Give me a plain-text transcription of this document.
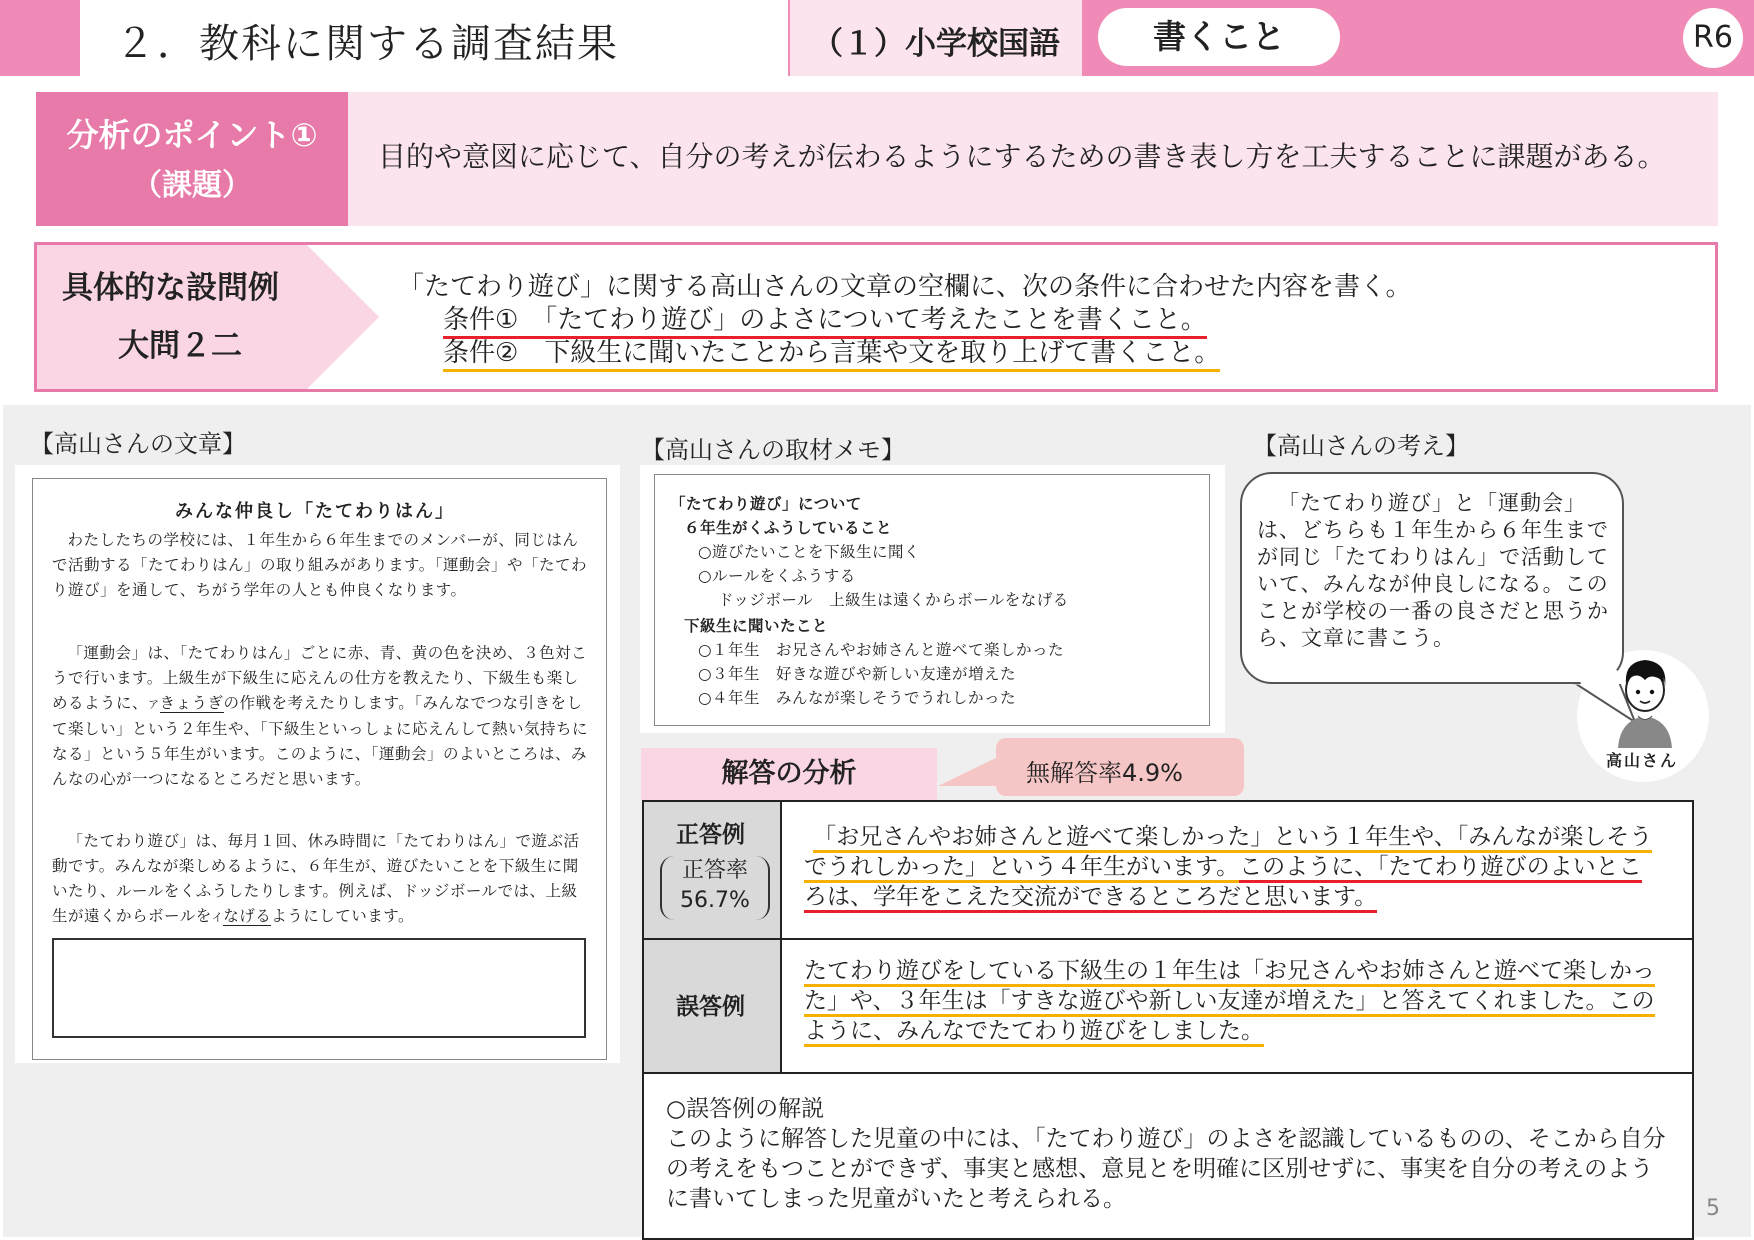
２．教科に関する調査結果	（１）小学校国語	書くこと	R6
分析のポイント①
（課題）
目的や意図に応じて、自分の考えが伝わるようにするための書き表し方を工夫することに課題がある。
具体的な設問例
大問２二
「たてわり遊び」に関する高山さんの文章の空欄に、次の条件に合わせた内容を書く。
条件①　「たてわり遊び」のよさについて考えたことを書くこと。
条件②　下級生に聞いたことから言葉や文を取り上げて書くこと。
【高山さんの文章】
みんな仲良し「たてわりはん」
わたしたちの学校には、１年生から６年生までのメンバーが、同じはんで活動する「たてわりはん」の取り組みがあります。「運動会」や「たてわり遊び」を通して、ちがう学年の人とも仲良くなります。
「運動会」は、「たてわりはん」ごとに赤、青、黄の色を決め、３色対こうで行います。上級生が下級生に応えんの仕方を教えたり、下級生も楽しめるように、アきょうぎの作戦を考えたりします。「みんなでつな引きをして楽しい」という２年生や、「下級生といっしょに応えんして熱い気持ちになる」という５年生がいます。このように、「運動会」のよいところは、みんなの心が一つになるところだと思います。
「たてわり遊び」は、毎月１回、休み時間に「たてわりはん」で遊ぶ活動です。みんなが楽しめるように、６年生が、遊びたいことを下級生に聞いたり、ルールをくふうしたりします。例えば、ドッジボールでは、上級生が遠くからボールをイなげるようにしています。
【高山さんの取材メモ】
「たてわり遊び」について
６年生がくふうしていること
○遊びたいことを下級生に聞く
○ルールをくふうする
ドッジボール　上級生は遠くからボールをなげる
下級生に聞いたこと
○１年生　お兄さんやお姉さんと遊べて楽しかった
○３年生　好きな遊びや新しい友達が増えた
○４年生　みんなが楽しそうでうれしかった
【高山さんの考え】
「たてわり遊び」と「運動会」は、どちらも１年生から６年生までが同じ「たてわりはん」で活動していて、みんなが仲良しになる。このことが学校の一番の良さだと思うから、文章に書こう。
高山さん
解答の分析	無解答率4.9%
正答例
正答率
56.7%
「お兄さんやお姉さんと遊べて楽しかった」という１年生や、「みんなが楽しそうでうれしかった」という４年生がいます。このように、「たてわり遊びのよいところは、学年をこえた交流ができるところだと思います。
誤答例
たてわり遊びをしている下級生の１年生は「お兄さんやお姉さんと遊べて楽しかった」や、３年生は「すきな遊びや新しい友達が増えた」と答えてくれました。このように、みんなでたてわり遊びをしました。
○誤答例の解説
このように解答した児童の中には、「たてわり遊び」のよさを認識しているものの、そこから自分の考えをもつことができず、事実と感想、意見とを明確に区別せずに、事実を自分の考えのように書いてしまった児童がいたと考えられる。	5
